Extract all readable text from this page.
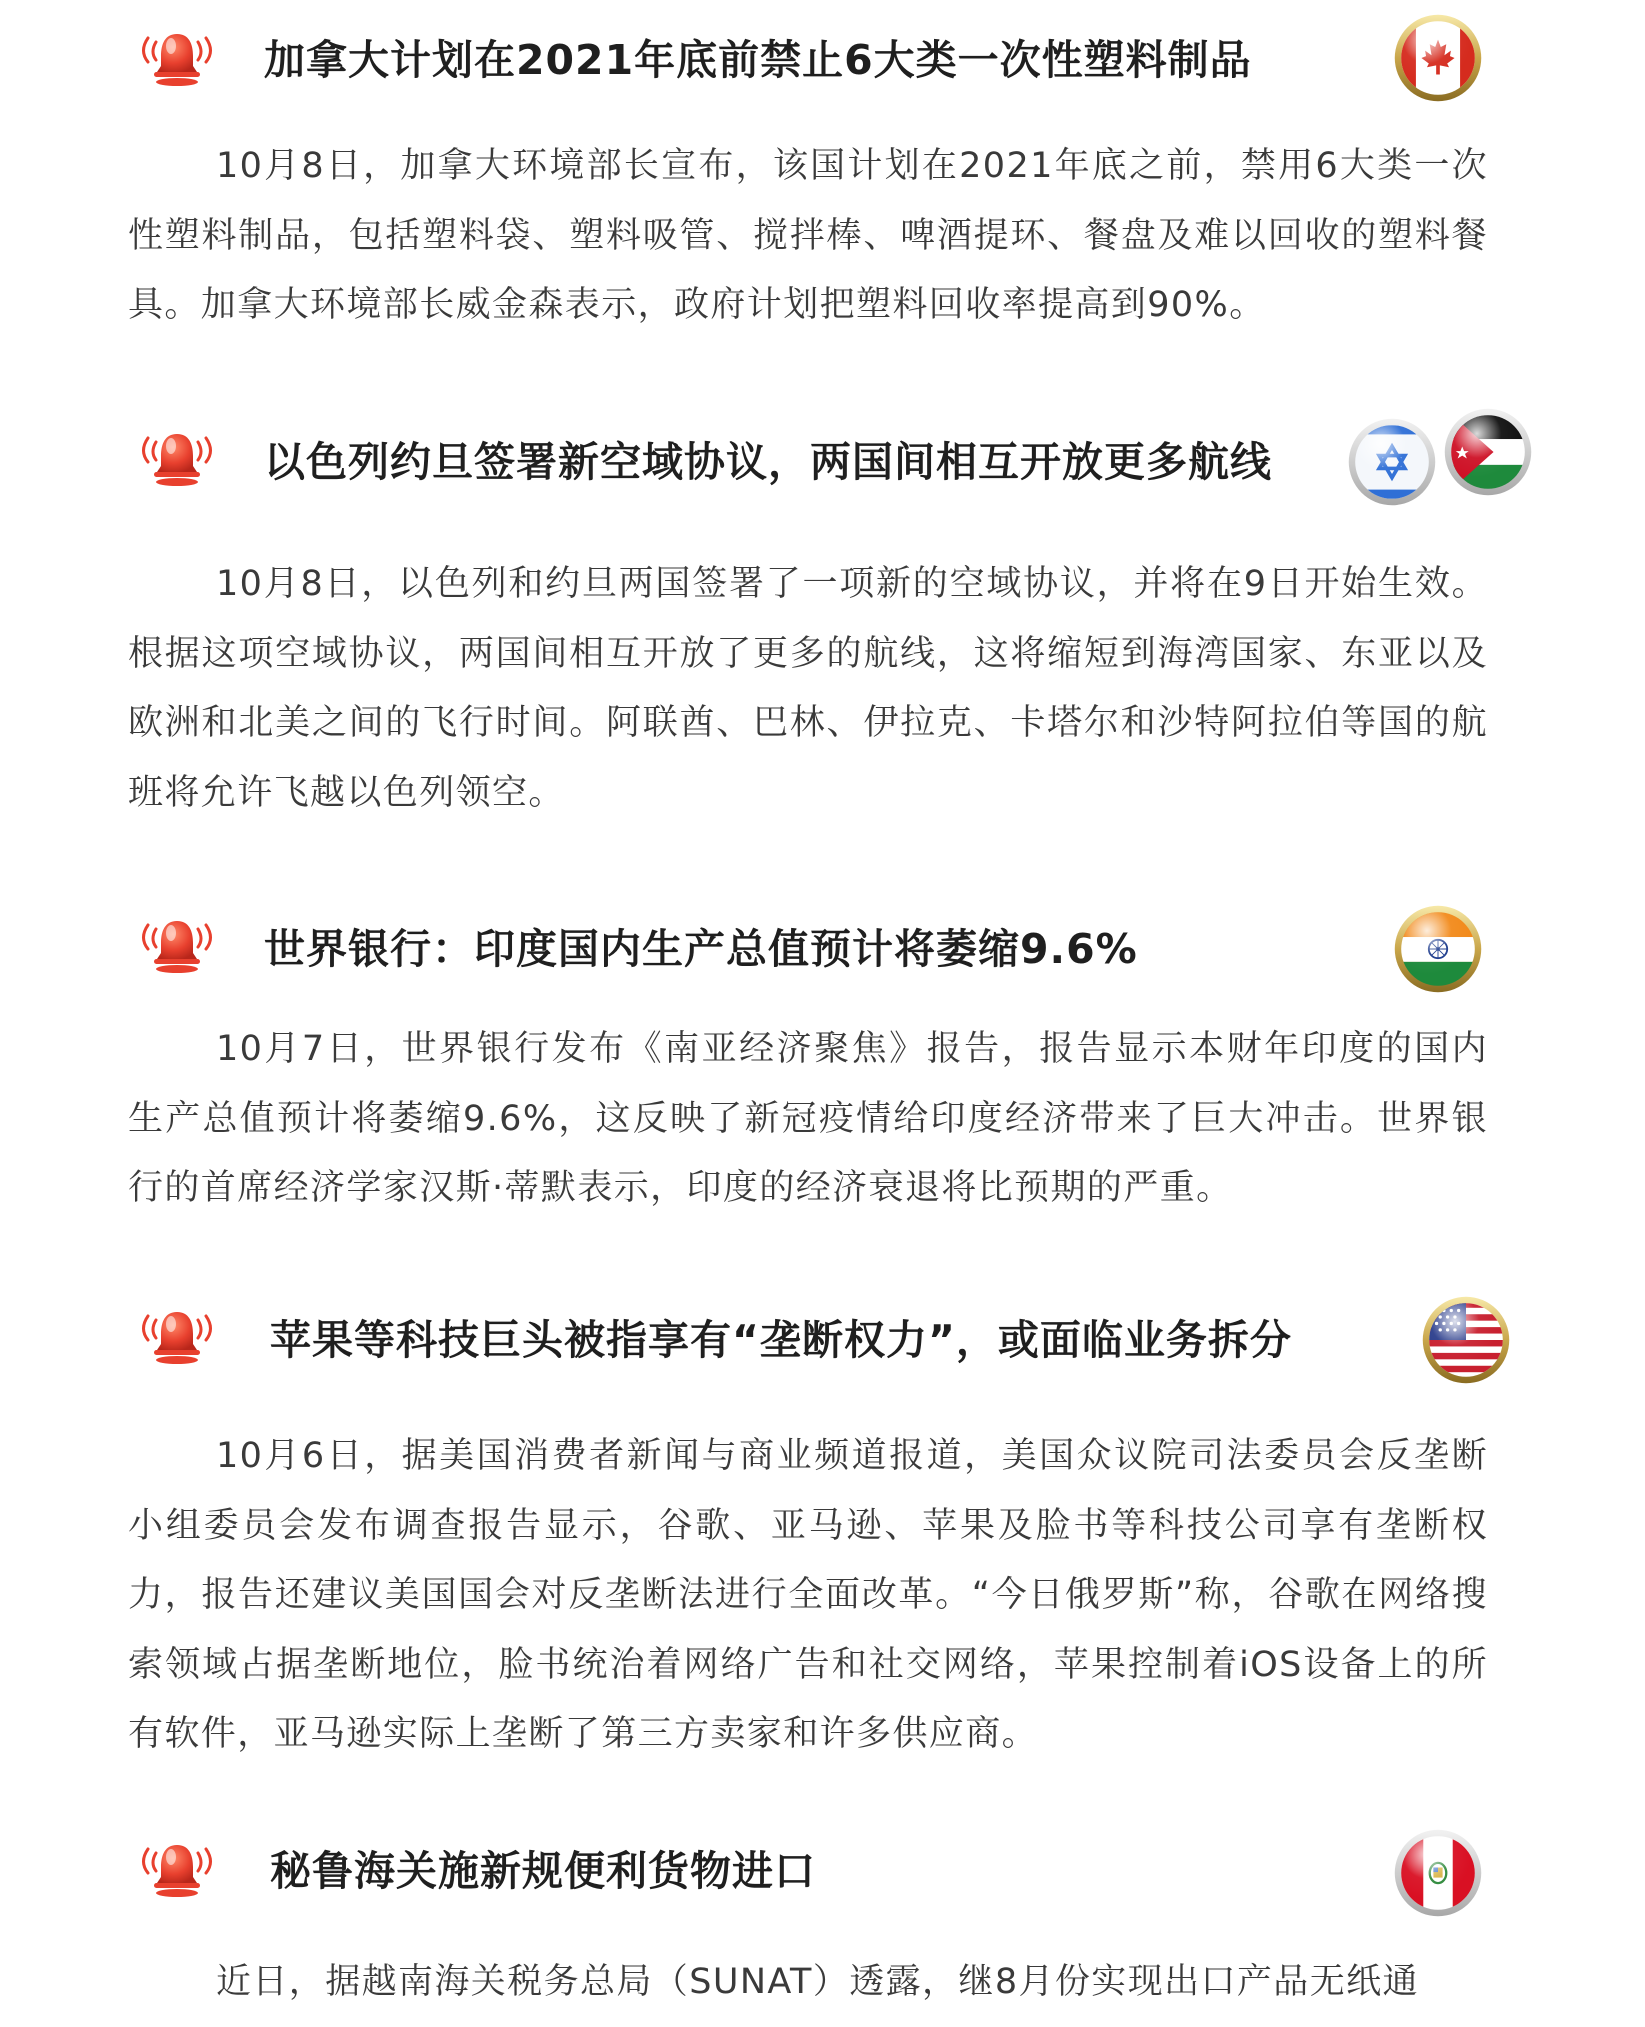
加拿大计划在2021年底前禁止6大类一次性塑料制品

10月8日，加拿大环境部长宣布，该国计划在2021年底之前，禁用6大类一次性塑料制品，包括塑料袋、塑料吸管、搅拌棒、啤酒提环、餐盘及难以回收的塑料餐具。加拿大环境部长威金森表示，政府计划把塑料回收率提高到90%。

以色列约旦签署新空域协议，两国间相互开放更多航线

10月8日，以色列和约旦两国签署了一项新的空域协议，并将在9日开始生效。根据这项空域协议，两国间相互开放了更多的航线，这将缩短到海湾国家、东亚以及欧洲和北美之间的飞行时间。阿联酋、巴林、伊拉克、卡塔尔和沙特阿拉伯等国的航班将允许飞越以色列领空。

世界银行：印度国内生产总值预计将萎缩9.6%

10月7日，世界银行发布《南亚经济聚焦》报告，报告显示本财年印度的国内生产总值预计将萎缩9.6%，这反映了新冠疫情给印度经济带来了巨大冲击。世界银行的首席经济学家汉斯·蒂默表示，印度的经济衰退将比预期的严重。

苹果等科技巨头被指享有“垄断权力”，或面临业务拆分

10月6日，据美国消费者新闻与商业频道报道，美国众议院司法委员会反垄断小组委员会发布调查报告显示，谷歌、亚马逊、苹果及脸书等科技公司享有垄断权力，报告还建议美国国会对反垄断法进行全面改革。“今日俄罗斯”称，谷歌在网络搜索领域占据垄断地位，脸书统治着网络广告和社交网络，苹果控制着iOS设备上的所有软件，亚马逊实际上垄断了第三方卖家和许多供应商。

秘鲁海关施新规便利货物进口

近日，据越南海关税务总局（SUNAT）透露，继8月份实现出口产品无纸通
